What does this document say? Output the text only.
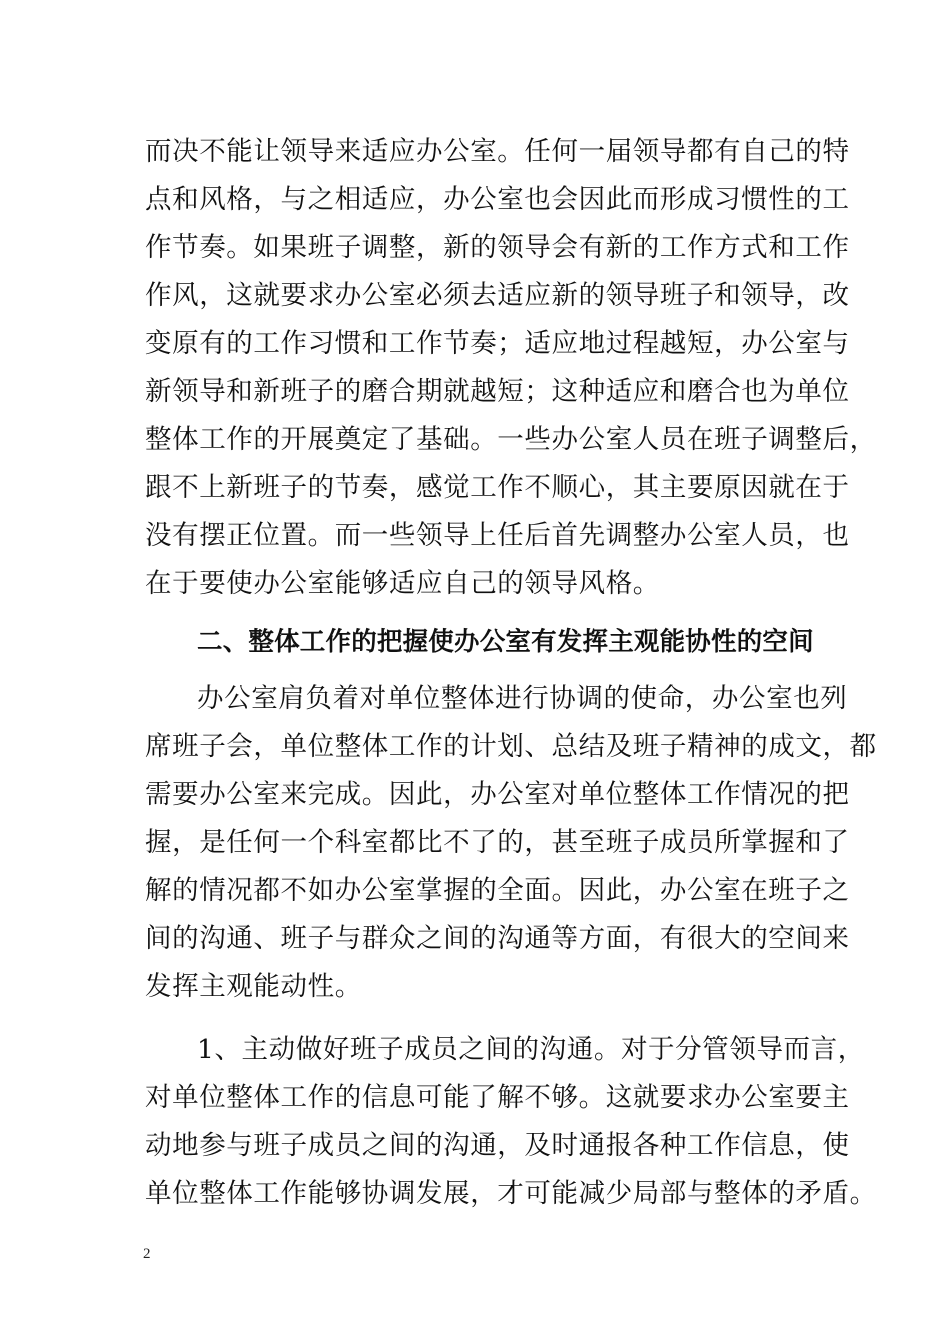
而决不能让领导来适应办公室。任何一届领导都有自己的特
点和风格，与之相适应，办公室也会因此而形成习惯性的工
作节奏。如果班子调整，新的领导会有新的工作方式和工作
作风，这就要求办公室必须去适应新的领导班子和领导，改
变原有的工作习惯和工作节奏；适应地过程越短，办公室与
新领导和新班子的磨合期就越短；这种适应和磨合也为单位
整体工作的开展奠定了基础。一些办公室人员在班子调整后，
跟不上新班子的节奏，感觉工作不顺心，其主要原因就在于
没有摆正位置。而一些领导上任后首先调整办公室人员，也
在于要使办公室能够适应自己的领导风格。
二、整体工作的把握使办公室有发挥主观能协性的空间
办公室肩负着对单位整体进行协调的使命，办公室也列
席班子会，单位整体工作的计划、总结及班子精神的成文，都
需要办公室来完成。因此，办公室对单位整体工作情况的把
握，是任何一个科室都比不了的，甚至班子成员所掌握和了
解的情况都不如办公室掌握的全面。因此，办公室在班子之
间的沟通、班子与群众之间的沟通等方面，有很大的空间来
发挥主观能动性。
1、主动做好班子成员之间的沟通。对于分管领导而言，
对单位整体工作的信息可能了解不够。这就要求办公室要主
动地参与班子成员之间的沟通，及时通报各种工作信息，使
单位整体工作能够协调发展，才可能减少局部与整体的矛盾。
2
